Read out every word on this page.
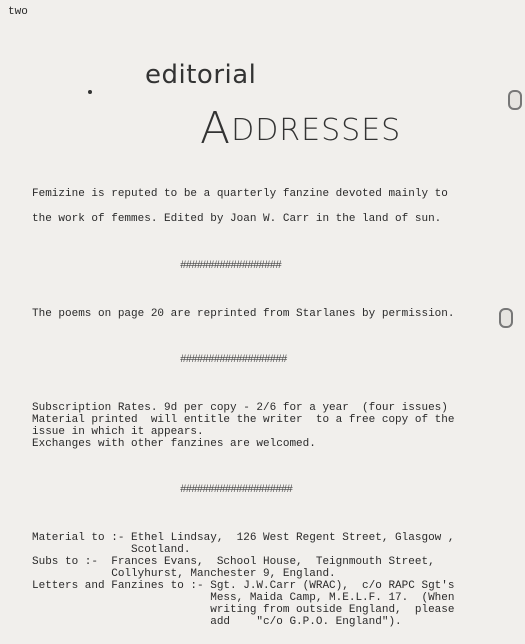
two
editorial
ADDRESSES
Femizine is reputed to be a quarterly fanzine devoted mainly to
the work of femmes. Edited by Joan W. Carr in the land of sun.
##################
The poems on page 20 are reprinted from Starlanes by permission.
###################
Subscription Rates. 9d per copy - 2/6 for a year  (four issues)
Material printed  will entitle the writer  to a free copy of the
issue in which it appears.
Exchanges with other fanzines are welcomed.
####################
Material to :- Ethel Lindsay,  126 West Regent Street, Glasgow ,
Scotland.
Subs to :-  Frances Evans,  School House,  Teignmouth Street,
Collyhurst, Manchester 9, England.
Letters and Fanzines to :- Sgt. J.W.Carr (WRAC),  c/o RAPC Sgt's
Mess, Maida Camp, M.E.L.F. 17.  (When
writing from outside England,  please
add    "c/o G.P.O. England").
